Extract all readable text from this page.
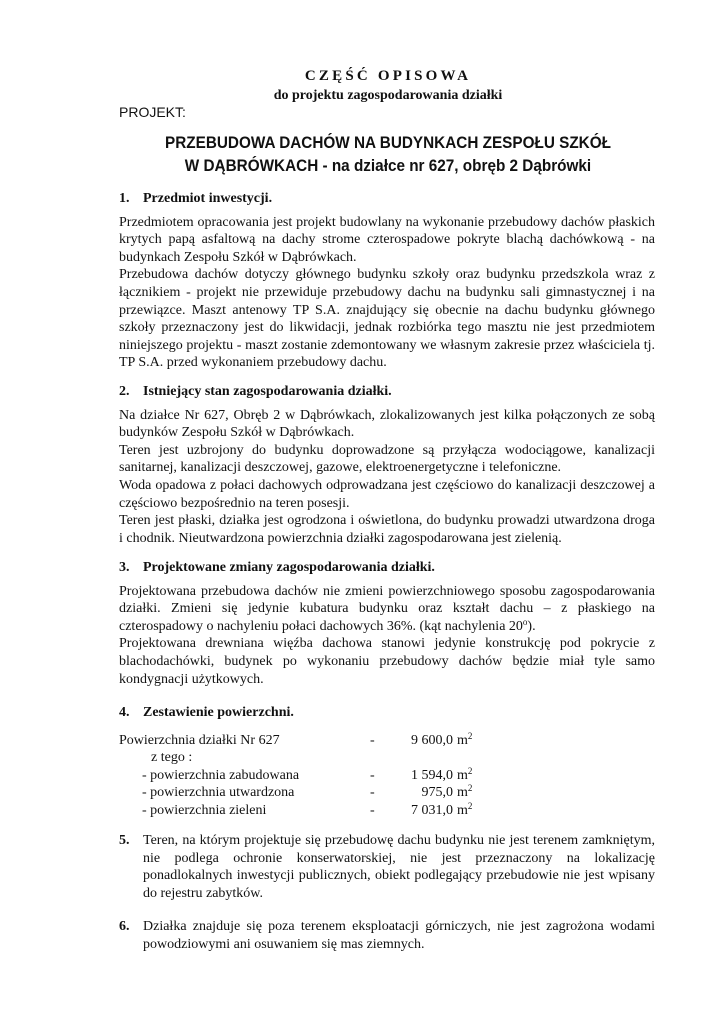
CZĘŚĆ OPISOWA
do projektu zagospodarowania działki
PROJEKT:
PRZEBUDOWA DACHÓW NA BUDYNKACH ZESPOŁU SZKÓŁ
W DĄBRÓWKACH - na działce nr 627, obręb 2 Dąbrówki
1. Przedmiot inwestycji.
Przedmiotem opracowania jest projekt budowlany na wykonanie przebudowy dachów płaskich krytych papą asfaltową na dachy strome czterospadowe pokryte blachą dachówkową - na budynkach Zespołu Szkół w Dąbrówkach.
Przebudowa dachów dotyczy głównego budynku szkoły oraz budynku przedszkola wraz z łącznikiem - projekt nie przewiduje przebudowy dachu na budynku sali gimnastycznej i na przewiązce. Maszt antenowy TP S.A. znajdujący się obecnie na dachu budynku głównego szkoły przeznaczony jest do likwidacji, jednak rozbiórka tego masztu nie jest przedmiotem niniejszego projektu - maszt zostanie zdemontowany we własnym zakresie przez właściciela tj. TP S.A. przed wykonaniem przebudowy dachu.
2. Istniejący stan zagospodarowania działki.
Na działce Nr 627, Obręb 2 w Dąbrówkach, zlokalizowanych jest kilka połączonych ze sobą budynków Zespołu Szkół w Dąbrówkach.
Teren jest uzbrojony do budynku doprowadzone są przyłącza wodociągowe, kanalizacji sanitarnej, kanalizacji deszczowej, gazowe, elektroenergetyczne i telefoniczne.
Woda opadowa z połaci dachowych odprowadzana jest częściowo do kanalizacji deszczowej a częściowo bezpośrednio na teren posesji.
Teren jest płaski, działka jest ogrodzona i oświetlona, do budynku prowadzi utwardzona droga i chodnik. Nieutwardzona powierzchnia działki zagospodarowana jest zielenią.
3. Projektowane zmiany zagospodarowania działki.
Projektowana przebudowa dachów nie zmieni powierzchniowego sposobu zagospodarowania działki. Zmieni się jedynie kubatura budynku oraz kształt dachu – z płaskiego na czterospadowy o nachyleniu połaci dachowych 36%. (kąt nachylenia 20$^o$).
Projektowana drewniana więźba dachowa stanowi jedynie konstrukcję pod pokrycie z blachodachówki, budynek po wykonaniu przebudowy dachów będzie miał tyle samo kondygnacji użytkowych.
4. Zestawienie powierzchni.
Powierzchnia działki Nr 627	-	9 600,0 $m^2$
z tego :
- powierzchnia zabudowana	-	1 594,0 $m^2$
- powierzchnia utwardzona	-	975,0 $m^2$
- powierzchnia zieleni	-	7 031,0 $m^2$
5. Teren, na którym projektuje się przebudowę dachu budynku nie jest terenem zamkniętym, nie podlega ochronie konserwatorskiej, nie jest przeznaczony na lokalizację ponadlokalnych inwestycji publicznych, obiekt podlegający przebudowie nie jest wpisany do rejestru zabytków.
6. Działka znajduje się poza terenem eksploatacji górniczych, nie jest zagrożona wodami powodziowymi ani osuwaniem się mas ziemnych.
